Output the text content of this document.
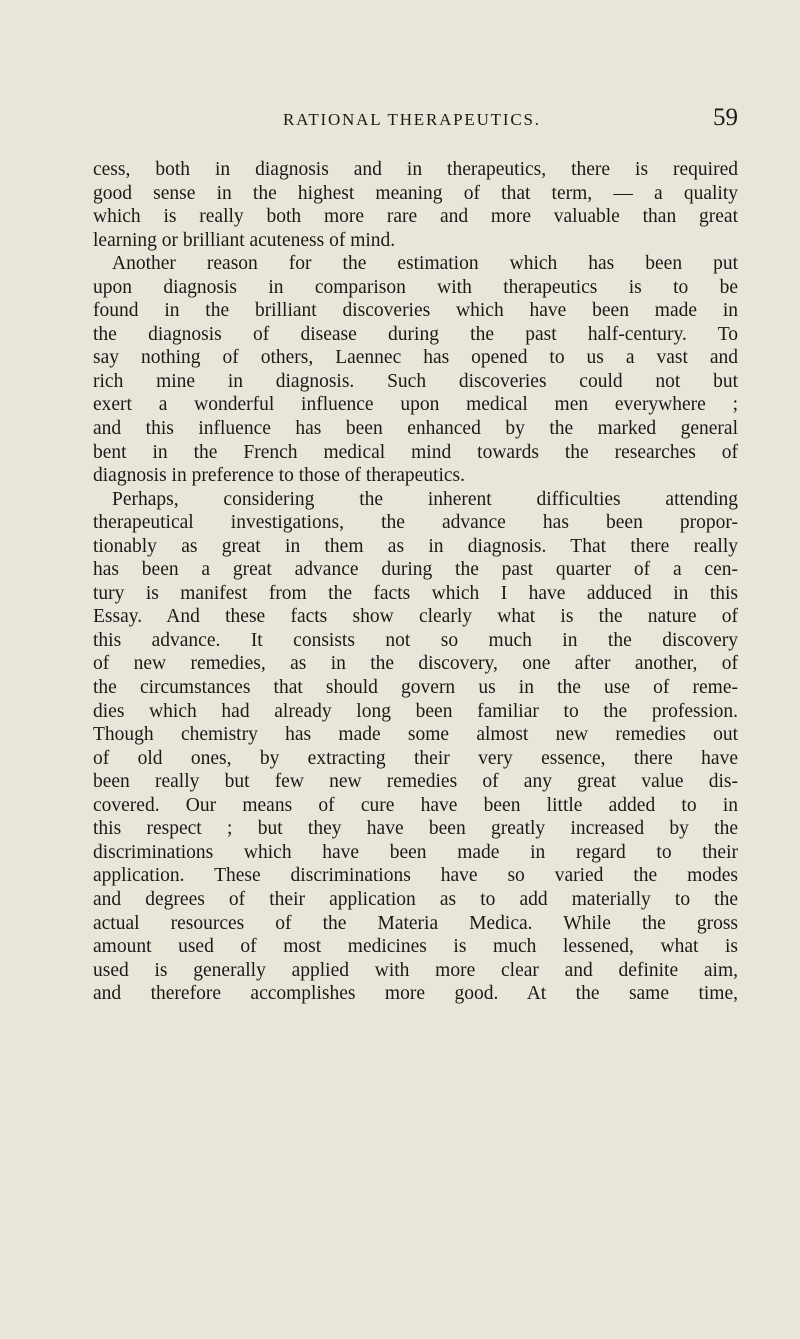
RATIONAL THERAPEUTICS.	59
cess, both in diagnosis and in therapeutics, there is required
good sense in the highest meaning of that term, — a quality
which is really both more rare and more valuable than great
learning or brilliant acuteness of mind.
Another reason for the estimation which has been put
upon diagnosis in comparison with therapeutics is to be
found in the brilliant discoveries which have been made in
the diagnosis of disease during the past half-century. To
say nothing of others, Laennec has opened to us a vast and
rich mine in diagnosis. Such discoveries could not but
exert a wonderful influence upon medical men everywhere ;
and this influence has been enhanced by the marked general
bent in the French medical mind towards the researches of
diagnosis in preference to those of therapeutics.
Perhaps, considering the inherent difficulties attending
therapeutical investigations, the advance has been propor-
tionably as great in them as in diagnosis. That there really
has been a great advance during the past quarter of a cen-
tury is manifest from the facts which I have adduced in this
Essay. And these facts show clearly what is the nature of
this advance. It consists not so much in the discovery
of new remedies, as in the discovery, one after another, of
the circumstances that should govern us in the use of reme-
dies which had already long been familiar to the profession.
Though chemistry has made some almost new remedies out
of old ones, by extracting their very essence, there have
been really but few new remedies of any great value dis-
covered. Our means of cure have been little added to in
this respect ; but they have been greatly increased by the
discriminations which have been made in regard to their
application. These discriminations have so varied the modes
and degrees of their application as to add materially to the
actual resources of the Materia Medica. While the gross
amount used of most medicines is much lessened, what is
used is generally applied with more clear and definite aim,
and therefore accomplishes more good. At the same time,
